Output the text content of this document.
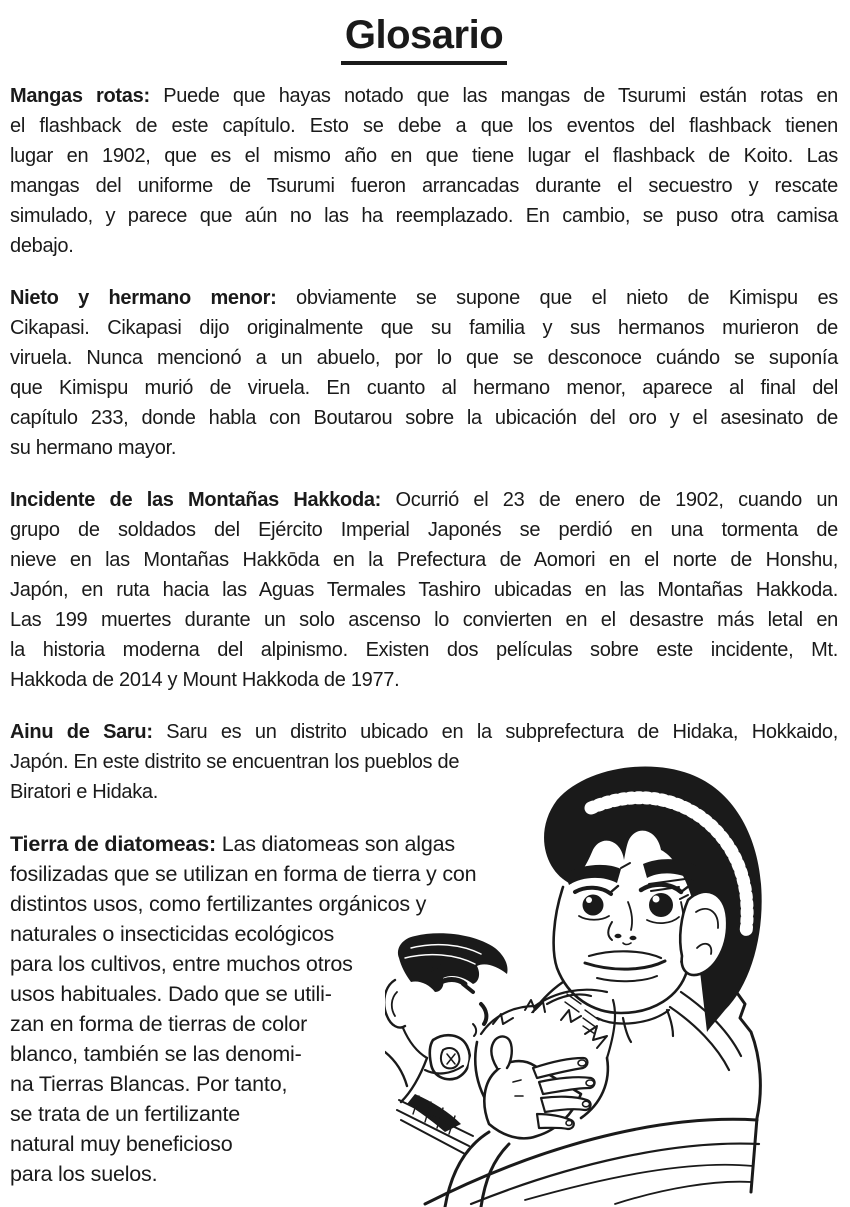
Glosario
Mangas rotas: Puede que hayas notado que las mangas de Tsurumi están rotas en
el flashback de este capítulo. Esto se debe a que los eventos del flashback tienen
lugar en 1902, que es el mismo año en que tiene lugar el flashback de Koito. Las
mangas del uniforme de Tsurumi fueron arrancadas durante el secuestro y rescate
simulado, y parece que aún no las ha reemplazado. En cambio, se puso otra camisa
debajo.
Nieto y hermano menor: obviamente se supone que el nieto de Kimispu es
Cikapasi. Cikapasi dijo originalmente que su familia y sus hermanos murieron de
viruela. Nunca mencionó a un abuelo, por lo que se desconoce cuándo se suponía
que Kimispu murió de viruela. En cuanto al hermano menor, aparece al final del
capítulo 233, donde habla con Boutarou sobre la ubicación del oro y el asesinato de
su hermano mayor.
Incidente de las Montañas Hakkoda: Ocurrió el 23 de enero de 1902, cuando un
grupo de soldados del Ejército Imperial Japonés se perdió en una tormenta de
nieve en las Montañas Hakkōda en la Prefectura de Aomori en el norte de Honshu,
Japón, en ruta hacia las Aguas Termales Tashiro ubicadas en las Montañas Hakkoda.
Las 199 muertes durante un solo ascenso lo convierten en el desastre más letal en
la historia moderna del alpinismo. Existen dos películas sobre este incidente, Mt.
Hakkoda de 2014 y Mount Hakkoda de 1977.
Ainu de Saru: Saru es un distrito ubicado en la subprefectura de Hidaka, Hokkaido,
Japón. En este distrito se encuentran los pueblos de
Biratori e Hidaka.
Tierra de diatomeas: Las diatomeas son algas
fosilizadas que se utilizan en forma de tierra y con
distintos usos, como fertilizantes orgánicos y
naturales o insecticidas ecológicos
para los cultivos, entre muchos otros
usos habituales. Dado que se utili-
zan en forma de tierras de color
blanco, también se las denomi-
na Tierras Blancas. Por tanto,
se trata de un fertilizante
natural muy beneficioso
para los suelos.
